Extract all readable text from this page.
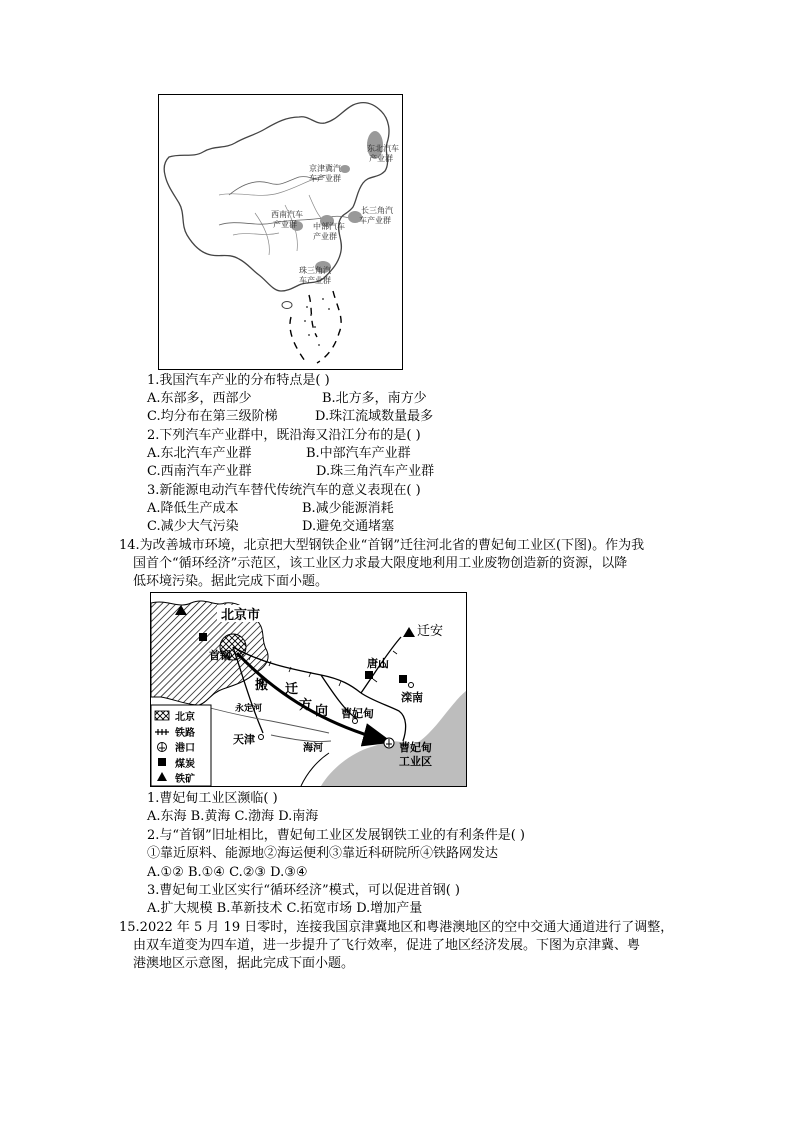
东北汽车
产业群
京津冀汽
车产业群
西南汽车
产业群 中部汽车
产业群
长三角汽
车产业群
珠三角汽
车产业群
1.我国汽车产业的分布特点是( )
A.东部多，西部少	B.北方多，南方少
C.均分布在第三级阶梯	D.珠江流域数量最多
2.下列汽车产业群中，既沿海又沿江分布的是( )
A.东北汽车产业群	B.中部汽车产业群
C.西南汽车产业群	D.珠三角汽车产业群
3.新能源电动汽车替代传统汽车的意义表现在( )
A.降低生产成本	B.减少能源消耗
C.减少大气污染	D.避免交通堵塞
14.为改善城市环境，北京把大型钢铁企业“首钢”迁往河北省的曹妃甸工业区(下图)。作为我
国首个“循环经济”示范区，该工业区力求最大限度地利用工业废物创造新的资源，以降
低环境污染。据此完成下面小题。
北京市
首钢
迁安
唐山
滦南
曹妃甸
天津
海河
永定河
搬 迁
方 向
曹妃甸
工业区
北京
铁路
港口
煤炭
铁矿
1.曹妃甸工业区濒临( )
A.东海 B.黄海 C.渤海 D.南海
2.与“首钢”旧址相比，曹妃甸工业区发展钢铁工业的有利条件是( )
①靠近原料、能源地②海运便利③靠近科研院所④铁路网发达
A.①② B.①④ C.②③ D.③④
3.曹妃甸工业区实行“循环经济”模式，可以促进首钢( )
A.扩大规模 B.革新技术 C.拓宽市场 D.增加产量
15.2022 年 5 月 19 日零时，连接我国京津冀地区和粤港澳地区的空中交通大通道进行了调整，
由双车道变为四车道，进一步提升了飞行效率，促进了地区经济发展。下图为京津冀、粤
港澳地区示意图，据此完成下面小题。
